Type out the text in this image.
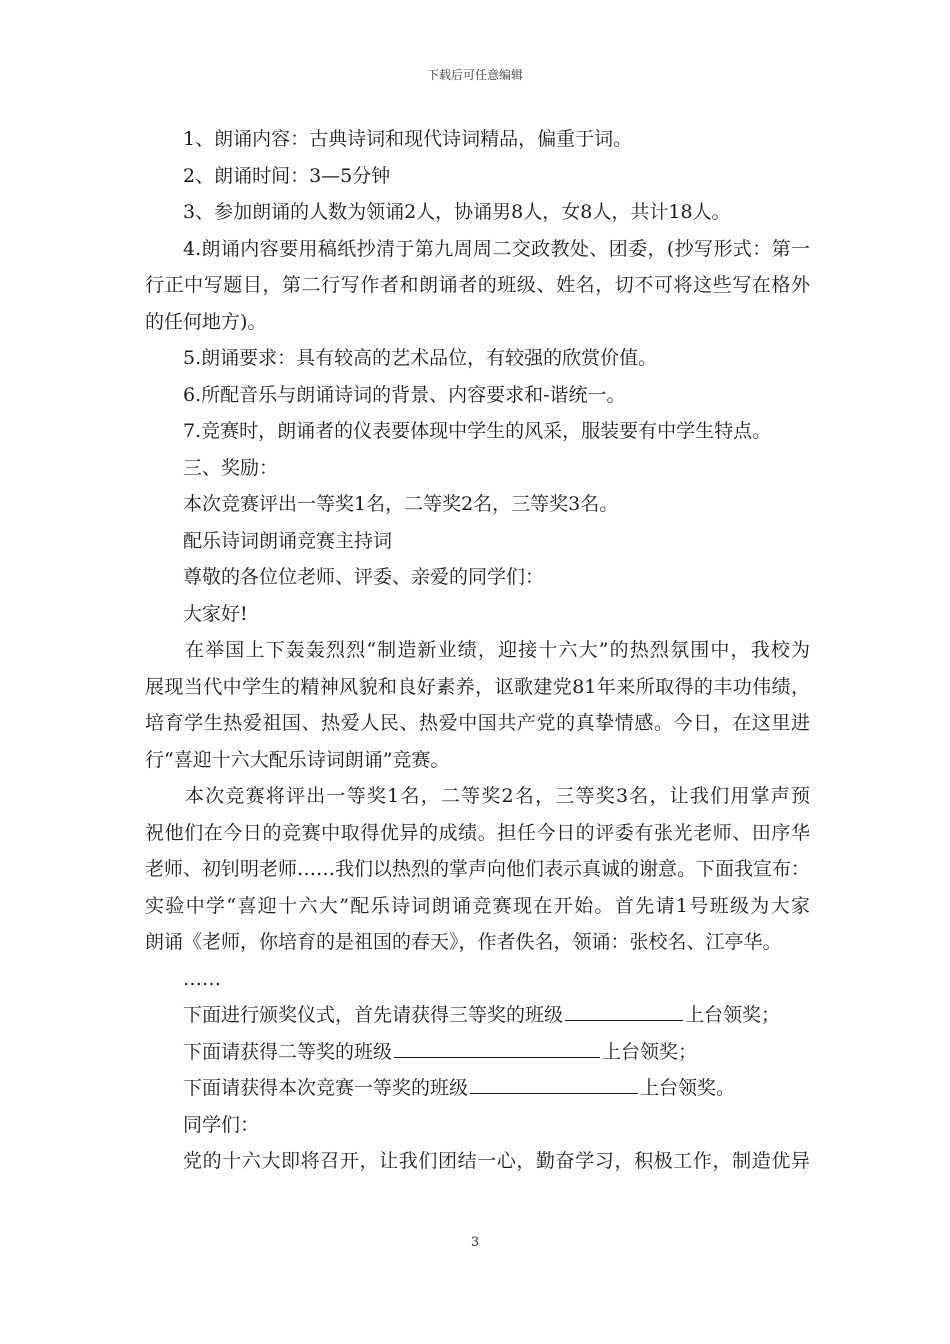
下载后可任意编辑
1、朗诵内容：古典诗词和现代诗词精品，偏重于词。
2、朗诵时间：3—5分钟
3、参加朗诵的人数为领诵2人，协诵男8人，女8人，共计18人。
4.朗诵内容要用稿纸抄清于第九周周二交政教处、团委，(抄写形式：第一
行正中写题目，第二行写作者和朗诵者的班级、姓名，切不可将这些写在格外
的任何地方)。
5.朗诵要求：具有较高的艺术品位，有较强的欣赏价值。
6.所配音乐与朗诵诗词的背景、内容要求和-谐统一。
7.竞赛时，朗诵者的仪表要体现中学生的风采，服装要有中学生特点。
三、奖励：
本次竞赛评出一等奖1名，二等奖2名，三等奖3名。
配乐诗词朗诵竞赛主持词
尊敬的各位位老师、评委、亲爱的同学们：
大家好!
在举国上下轰轰烈烈“制造新业绩，迎接十六大”的热烈氛围中，我校为
展现当代中学生的精神风貌和良好素养，讴歌建党81年来所取得的丰功伟绩，
培育学生热爱祖国、热爱人民、热爱中国共产党的真挚情感。今日，在这里进
行“喜迎十六大配乐诗词朗诵”竞赛。
本次竞赛将评出一等奖1名，二等奖2名，三等奖3名，让我们用掌声预
祝他们在今日的竞赛中取得优异的成绩。担任今日的评委有张光老师、田序华
老师、初钊明老师……我们以热烈的掌声向他们表示真诚的谢意。下面我宣布：
实验中学“喜迎十六大”配乐诗词朗诵竞赛现在开始。首先请1号班级为大家
朗诵《老师，你培育的是祖国的春天》，作者佚名，领诵：张校名、江亭华。
……
下面进行颁奖仪式，首先请获得三等奖的班级	上台领奖；
下面请获得二等奖的班级	上台领奖；
下面请获得本次竞赛一等奖的班级	上台领奖。
同学们：
党的十六大即将召开，让我们团结一心，勤奋学习，积极工作，制造优异
3
